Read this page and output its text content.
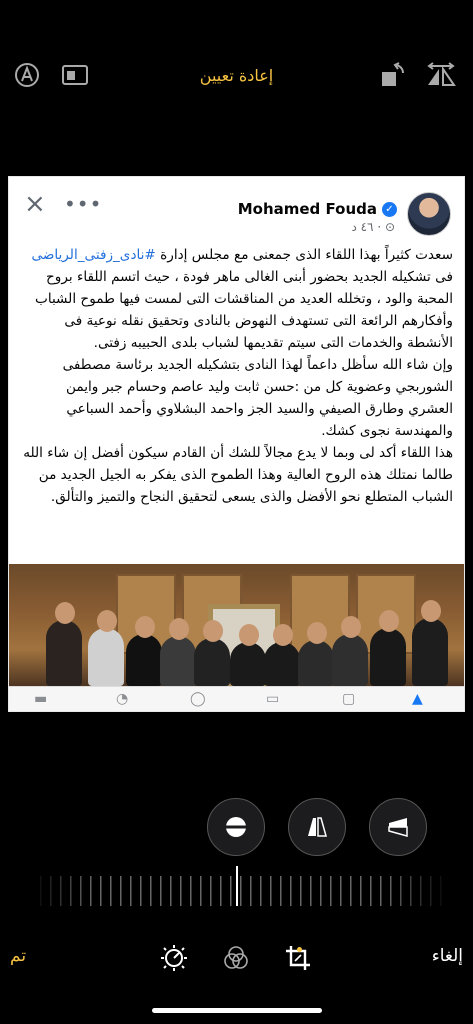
إعادة تعيين
× •••	Mohamed Fouda ✓
٤٦ د · ⊙

سعدت كثيراً بهذا اللقاء الذى جمعنى مع مجلس إدارة #نادى_زفتى_الرياضى فى تشكيله الجديد بحضور أبنى الغالى ماهر فودة ، حيث اتسم اللقاء بروح المحبة والود ، وتخلله العديد من المناقشات التى لمست فيها طموح الشباب وأفكارهم الرائعة التى تستهدف النهوض بالنادى وتحقيق نقله نوعية فى الأنشطة والخدمات التى سيتم تقديمها لشباب بلدى الحبيبه زفتى.

وإن شاء الله سأظل داعماً لهذا النادى بتشكيله الجديد برئاسة مصطفى الشوربجي وعضوية كل من :حسن ثابت وليد عاصم وحسام جبر وايمن العشري وطارق الصيفي والسيد الجز واحمد البشلاوي وأحمد السباعي والمهندسة نجوى كشك.

هذا اللقاء أكد لى وبما لا يدع مجالاً للشك أن القادم سيكون أفضل إن شاء الله طالما نمتلك هذه الروح العالية وهذا الطموح الذى يفكر به الجيل الجديد من الشباب المتطلع نحو الأفضل والذى يسعى لتحقيق النجاح والتميز والتألق.

▬	◔	◯	▭	▢	▲
تم	إلغاء
